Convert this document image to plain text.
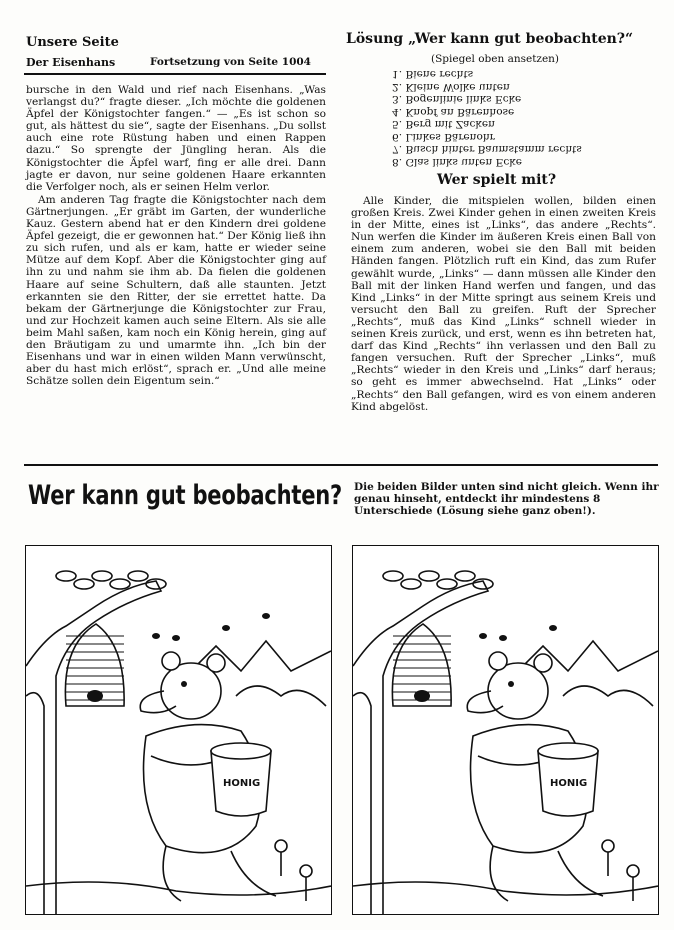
Unsere Seite
Der Eisenhans	Fortsetzung von Seite 1004

bursche in den Wald und rief nach Eisenhans. „Was verlangst du?“ fragte dieser. „Ich möchte die goldenen Äpfel der Königstochter fangen.“ — „Es ist schon so gut, als hättest du sie“, sagte der Eisenhans. „Du sollst auch eine rote Rüstung haben und einen Rappen dazu.“ So sprengte der Jüngling heran. Als die Königstochter die Äpfel warf, fing er alle drei. Dann jagte er davon, nur seine goldenen Haare erkannten die Verfolger noch, als er seinen Helm verlor.

Am anderen Tag fragte die Königstochter nach dem Gärtnerjungen. „Er gräbt im Garten, der wunderliche Kauz. Gestern abend hat er den Kindern drei goldene Äpfel gezeigt, die er gewonnen hat.“ Der König ließ ihn zu sich rufen, und als er kam, hatte er wieder seine Mütze auf dem Kopf. Aber die Königstochter ging auf ihn zu und nahm sie ihm ab. Da fielen die goldenen Haare auf seine Schultern, daß alle staunten. Jetzt erkannten sie den Ritter, der sie errettet hatte. Da bekam der Gärtnerjunge die Königstochter zur Frau, und zur Hochzeit kamen auch seine Eltern. Als sie alle beim Mahl saßen, kam noch ein König herein, ging auf den Bräutigam zu und umarmte ihn. „Ich bin der Eisenhans und war in einen wilden Mann verwünscht, aber du hast mich erlöst“, sprach er. „Und alle meine Schätze sollen dein Eigentum sein.“

Lösung „Wer kann gut beobachten?“
(Spiegel oben ansetzen)
8. Glas links unten Ecke
7. Busch hinter Baumstamm rechts
6. Linkes Bärenohr
5. Berg mit Zacken
4. Knopf an Bärenhose
3. Bogenlinie links Ecke
2. Kleine Wolke unten
1. Biene rechts
Wer spielt mit?

Alle Kinder, die mitspielen wollen, bilden einen großen Kreis. Zwei Kinder gehen in einen zweiten Kreis in der Mitte, eines ist „Links“, das andere „Rechts“. Nun werfen die Kinder im äußeren Kreis einen Ball von einem zum anderen, wobei sie den Ball mit beiden Händen fangen. Plötzlich ruft ein Kind, das zum Rufer gewählt wurde, „Links“ — dann müssen alle Kinder den Ball mit der linken Hand werfen und fangen, und das Kind „Links“ in der Mitte springt aus seinem Kreis und versucht den Ball zu greifen. Ruft der Sprecher „Rechts“, muß das Kind „Links“ schnell wieder in seinen Kreis zurück, und erst, wenn es ihn betreten hat, darf das Kind „Rechts“ ihn verlassen und den Ball zu fangen versuchen. Ruft der Sprecher „Links“, muß „Rechts“ wieder in den Kreis und „Links“ darf heraus; so geht es immer abwechselnd. Hat „Links“ oder „Rechts“ den Ball gefangen, wird es von einem anderen Kind abgelöst.

Wer kann gut beobachten? Die beiden Bilder unten sind nicht gleich. Wenn ihr genau hinseht, entdeckt ihr mindestens 8 Unterschiede (Lösung siehe ganz oben!).
HONIG	HONIG
